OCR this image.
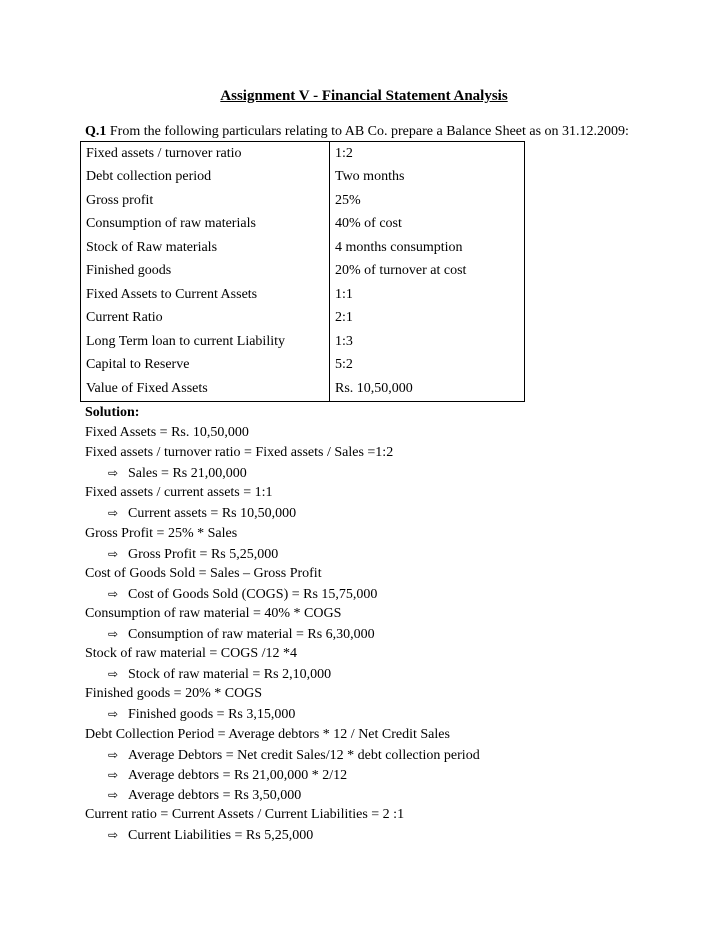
Assignment V - Financial Statement Analysis
Q.1 From the following particulars relating to AB Co. prepare a Balance Sheet as on 31.12.2009:
Fixed assets / turnover ratio	1:2
Debt collection period	Two months
Gross profit	25%
Consumption of raw materials	40% of cost
Stock of Raw materials	4 months consumption
Finished goods	20% of turnover at cost
Fixed Assets to Current Assets	1:1
Current Ratio	2:1
Long Term loan to current Liability	1:3
Capital to Reserve	5:2
Value of Fixed Assets	Rs. 10,50,000
Solution:
Fixed Assets = Rs. 10,50,000
Fixed assets / turnover ratio = Fixed assets / Sales =1:2
⇨ Sales = Rs 21,00,000
Fixed assets / current assets = 1:1
⇨ Current assets = Rs 10,50,000
Gross Profit = 25% * Sales
⇨ Gross Profit = Rs 5,25,000
Cost of Goods Sold = Sales – Gross Profit
⇨ Cost of Goods Sold (COGS) = Rs 15,75,000
Consumption of raw material = 40% * COGS
⇨ Consumption of raw material = Rs 6,30,000
Stock of raw material = COGS /12 *4
⇨ Stock of raw material = Rs 2,10,000
Finished goods = 20% * COGS
⇨ Finished goods = Rs 3,15,000
Debt Collection Period = Average debtors * 12 / Net Credit Sales
⇨ Average Debtors = Net credit Sales/12 * debt collection period
⇨ Average debtors = Rs 21,00,000 * 2/12
⇨ Average debtors = Rs 3,50,000
Current ratio = Current Assets / Current Liabilities = 2 :1
⇨ Current Liabilities = Rs 5,25,000
